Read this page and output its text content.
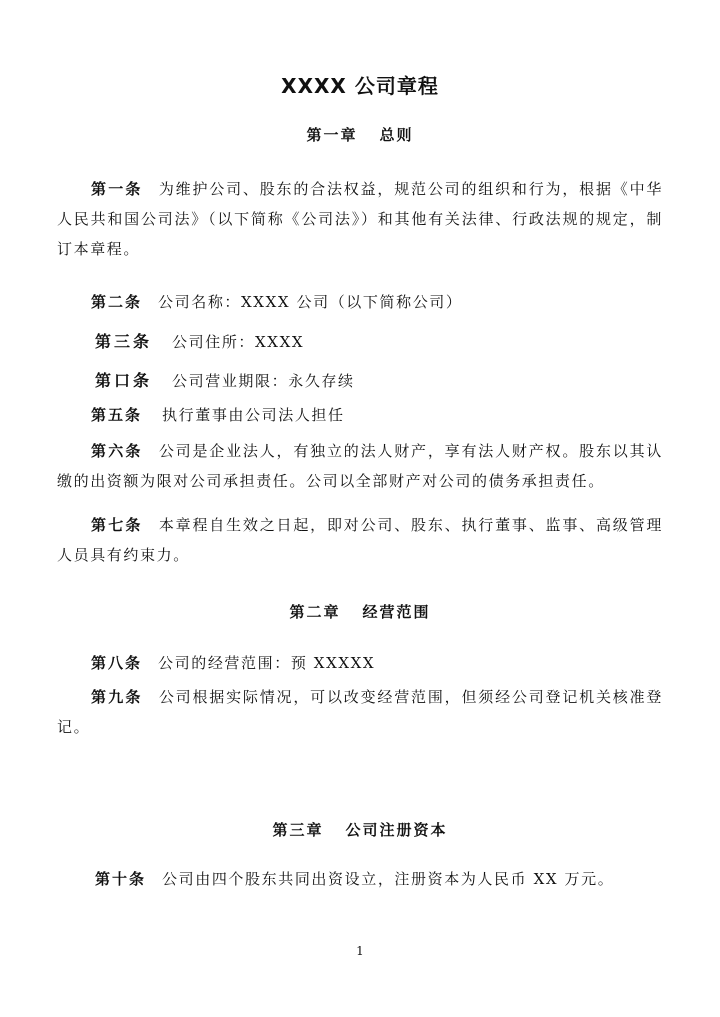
XXXX 公司章程
第一章 总则
第一条 为维护公司、股东的合法权益，规范公司的组织和行为，根据《中华人民共和国公司法》（以下简称《公司法》）和其他有关法律、行政法规的规定，制订本章程。
第二条 公司名称：XXXX 公司（以下简称公司）
第三条 公司住所：XXXX
第口条 公司营业期限：永久存续
第五条 执行董事由公司法人担任
第六条 公司是企业法人，有独立的法人财产，享有法人财产权。股东以其认缴的出资额为限对公司承担责任。公司以全部财产对公司的债务承担责任。
第七条 本章程自生效之日起，即对公司、股东、执行董事、监事、高级管理人员具有约束力。
第二章 经营范围
第八条 公司的经营范围：预 XXXXX
第九条 公司根据实际情况，可以改变经营范围，但须经公司登记机关核准登记。
第三章 公司注册资本
第十条 公司由四个股东共同出资设立，注册资本为人民币 XX 万元。
1
